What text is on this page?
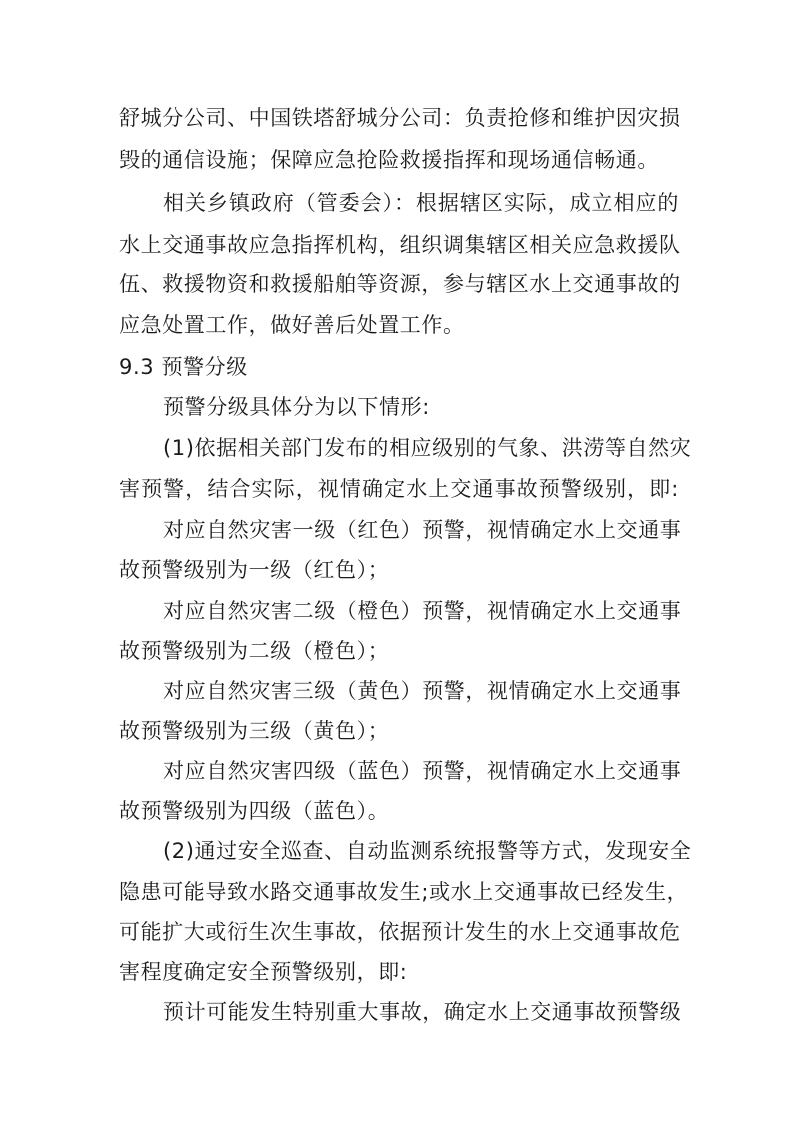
舒城分公司、中国铁塔舒城分公司：负责抢修和维护因灾损
毁的通信设施；保障应急抢险救援指挥和现场通信畅通。
相关乡镇政府（管委会）：根据辖区实际，成立相应的
水上交通事故应急指挥机构，组织调集辖区相关应急救援队
伍、救援物资和救援船舶等资源，参与辖区水上交通事故的
应急处置工作，做好善后处置工作。
9.3 预警分级
预警分级具体分为以下情形:
(1)依据相关部门发布的相应级别的气象、洪涝等自然灾
害预警，结合实际，视情确定水上交通事故预警级别，即:
对应自然灾害一级（红色）预警，视情确定水上交通事
故预警级别为一级（红色）；
对应自然灾害二级（橙色）预警，视情确定水上交通事
故预警级别为二级（橙色）；
对应自然灾害三级（黄色）预警，视情确定水上交通事
故预警级别为三级（黄色）；
对应自然灾害四级（蓝色）预警，视情确定水上交通事
故预警级别为四级（蓝色）。
(2)通过安全巡查、自动监测系统报警等方式，发现安全
隐患可能导致水路交通事故发生;或水上交通事故已经发生，
可能扩大或衍生次生事故，依据预计发生的水上交通事故危
害程度确定安全预警级别，即:
预计可能发生特别重大事故，确定水上交通事故预警级
